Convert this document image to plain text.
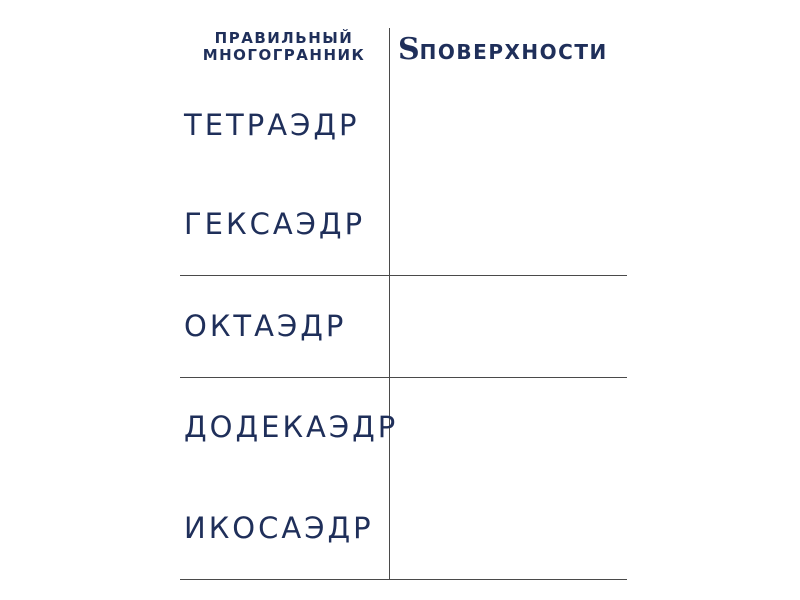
ПРАВИЛЬНЫЙ
МНОГОГРАННИК	SПОВЕРХНОСТИ
ТЕТРАЭДР
ГЕКСАЭДР
ОКТАЭДР
ДОДЕКАЭДР
ИКОСАЭДР
